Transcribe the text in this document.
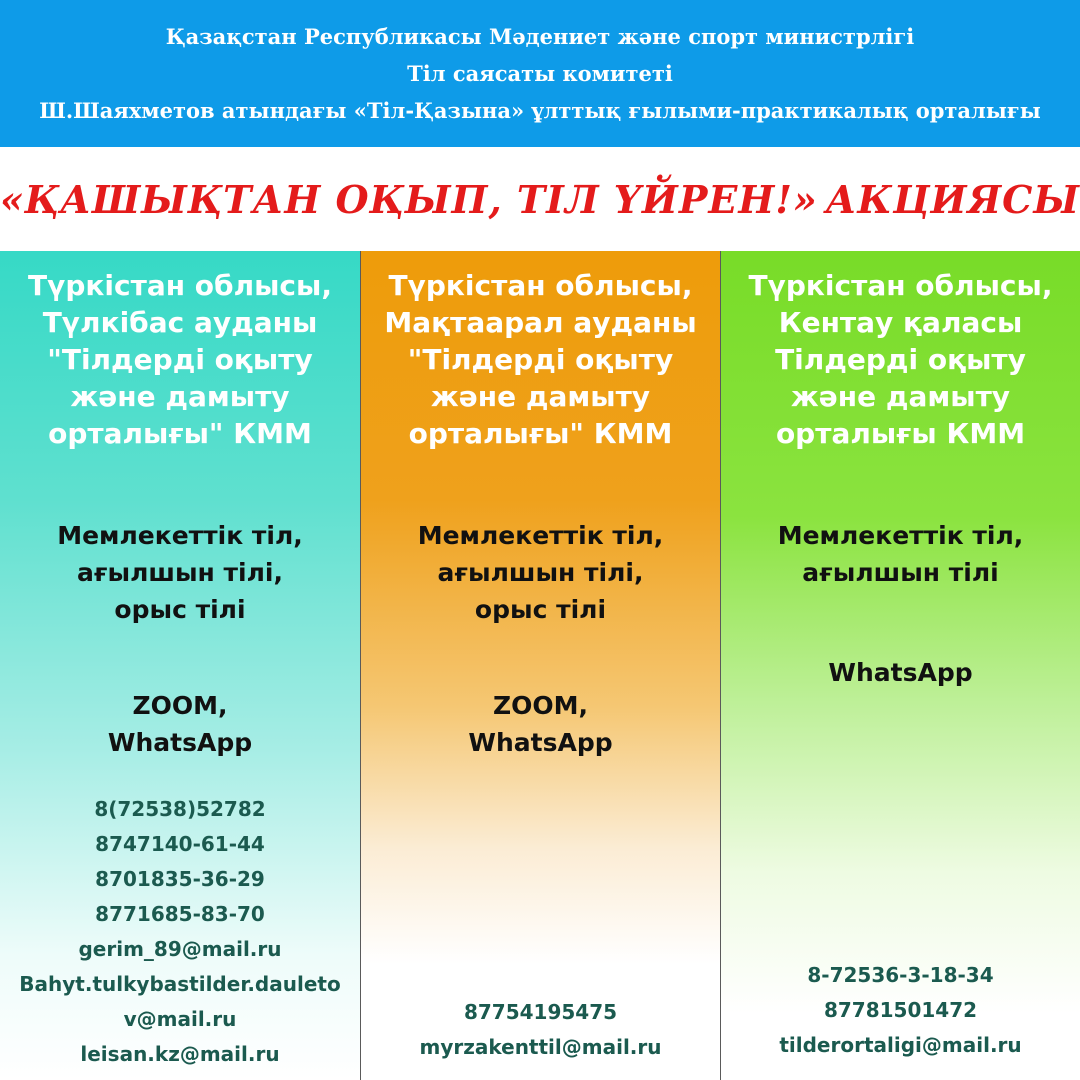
Қазақстан Республикасы Мәдениет және спорт министрлігі
Тіл саясаты комитеті
Ш.Шаяхметов атындағы «Тіл-Қазына» ұлттық ғылыми-практикалық орталығы
«ҚАШЫҚТАН ОҚЫП, ТІЛ ҮЙРЕН!» АКЦИЯСЫ
Түркістан облысы,
Түлкібас ауданы
"Тілдерді оқыту
және дамыту
орталығы" КММ
Мемлекеттік тіл,
ағылшын тілі,
орыс тілі
ZOOM,
WhatsApp
8(72538)52782
8747140-61-44
8701835-36-29
8771685-83-70
gerim_89@mail.ru
Bahyt.tulkybastilder.dauleto
v@mail.ru
leisan.kz@mail.ru
Түркістан облысы,
Мақтаарал ауданы
"Тілдерді оқыту
және дамыту
орталығы" КММ
Мемлекеттік тіл,
ағылшын тілі,
орыс тілі
ZOOM,
WhatsApp
87754195475
myrzakenttil@mail.ru
Түркістан облысы,
Кентау қаласы
Тілдерді оқыту
және дамыту
орталығы КММ
Мемлекеттік тіл,
ағылшын тілі
WhatsApp
8-72536-3-18-34
87781501472
tilderortaligi@mail.ru
